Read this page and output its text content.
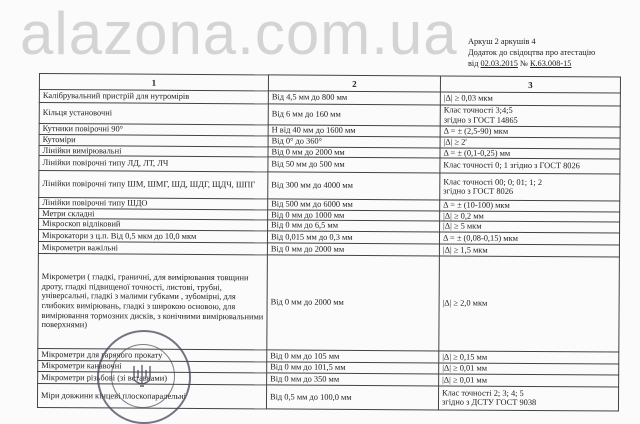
alazona.com.ua Аркуш 2 аркушів 4
Додаток до свідоцтва про атестацію
від 02.03.2015 № К.63.008-15
1	2	3
Калібрувальний пристрій для нутромірів	Від 4,5 мм до 800 мм	|Δ| ≥ 0,03 мкм
Кільця установочні	Від 6 мм до 160 мм	Клас точності 3;4;5
згідно з ГОСТ 14865
Кутники повірочні 90°	Н від 40 мм до 1600 мм	Δ = ± (2,5-90) мкм
Кутоміри	Від 0° до 360°	|Δ| ≥ 2'
Лінійки вимірювальні	Від 0 мм до 2000 мм	Δ = ± (0,1-0,25) мм
Лінійки повірочні типу ЛД, ЛТ, ЛЧ	Від 50 мм до 500 мм	Клас точності 0; 1 згідно з ГОСТ 8026
Лінійки повірочні типу ШМ, ШМГ, ШД, ШДГ, ЩДЧ, ШПГ	Від 300 мм до 4000 мм	Клас точності 00; 0; 01; 1; 2
згідно з ГОСТ 8026
Лінійки повірочні типу ШДО	Від 500 мм до 6000 мм	Δ = ± (10-100) мкм
Метри складні	Від 0 мм до 1000 мм	|Δ| ≥ 0,2 мм
Мікроскоп відліковий	Від 0 мм до 6,5 мм	|Δ| ≥ 5 мкм
Мікрокатори з ц.п. Від 0,5 мкм до 10,0 мкм	Від 0,015 мм до 0,3 мм	Δ = ± (0,08-0,15) мкм
Мікрометри важільні	Від 0 мм до 2000 мм	|Δ| ≥ 1,5 мкм
Мікрометри ( гладкі, граничні, для вимірювання товщини дроту, гладкі підвищеної точності, листові, трубні, універсальні, гладкі з малими губками , зубомірні, для глибоких вимірювань, гладкі з широкою основою, для вимірювання тормозних дисків, з конічними вимірювальними поверхнями)	Від 0 мм до 2000 мм	|Δ| ≥ 2,0 мкм
Мікрометри для гарячого прокату	Від 0 мм до 105 мм	|Δ| ≥ 0,15 мм
Мікрометри канавочні	Від 0 мм до 101,5 мм	|Δ| ≥ 0,01 мм
Мікрометри різьбові (зі вставками)	Від 0 мм до 350 мм	|Δ| ≥ 0,01 мм
Міри довжини кінцеві плоскопаралельні	Від 0,5 мм до 100,0 мм	Клас точності 2; 3; 4; 5
згідно з ДСТУ ГОСТ 9038
